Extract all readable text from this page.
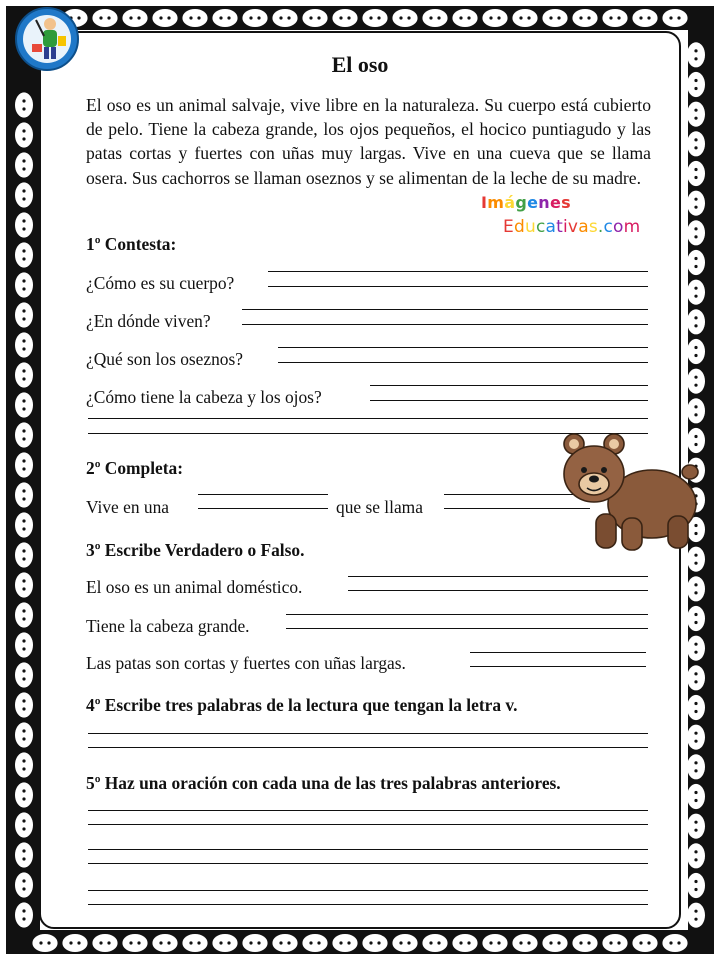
El oso

El oso es un animal salvaje, vive libre en la naturaleza. Su cuerpo está cubierto de pelo. Tiene la cabeza grande, los ojos pequeños, el hocico puntiagudo y las patas cortas y fuertes con uñas muy largas. Vive en una cueva que se llama osera. Sus cachorros se llaman oseznos y se alimentan de la leche de su madre.

Imágenes
Educativas.com
1º Contesta:
¿Cómo es su cuerpo?
¿En dónde viven?
¿Qué son los oseznos?
¿Cómo tiene la cabeza y los ojos?
2º Completa:
Vive en una	que se llama
3º Escribe Verdadero o Falso.
El oso es un animal doméstico.
Tiene la cabeza grande.
Las patas son cortas y fuertes con uñas largas.
4º Escribe tres palabras de la lectura que tengan la letra v.
5º Haz una oración con cada una de las tres palabras anteriores.
